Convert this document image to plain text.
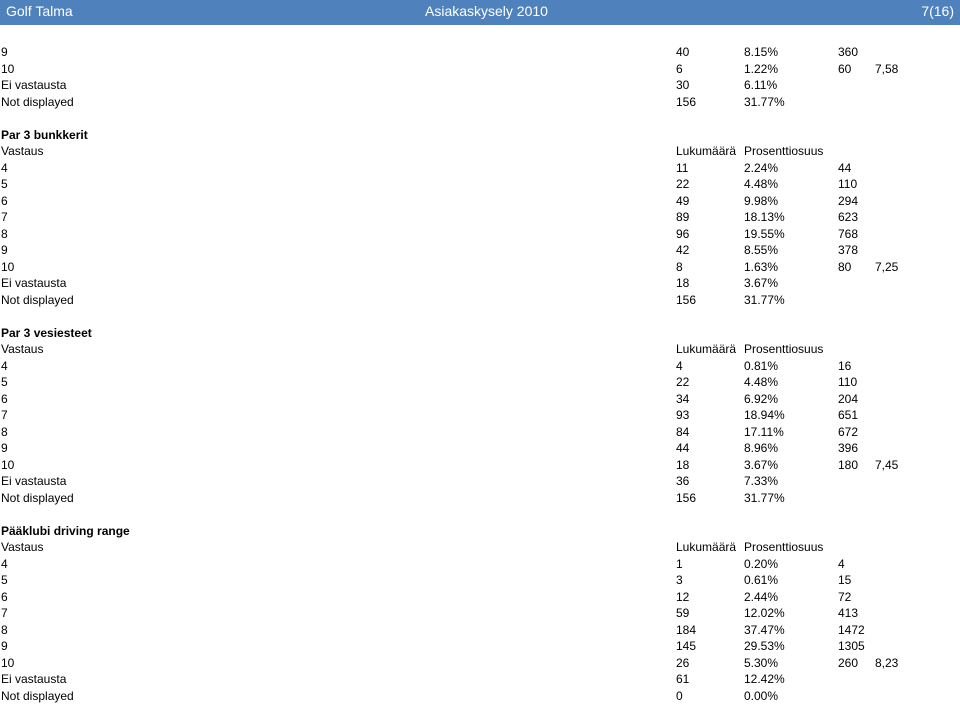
Golf Talma	Asiakaskysely 2010	7(16)
9	40	8.15%	360
10	6	1.22%	60 7,58
Ei vastausta	30	6.11%
Not displayed	156	31.77%
Par 3 bunkkerit
Vastaus	Lukumäärä Prosenttiosuus
4	11	2.24%	44
5	22	4.48%	110
6	49	9.98%	294
7	89	18.13%	623
8	96	19.55%	768
9	42	8.55%	378
10	8	1.63%	80 7,25
Ei vastausta	18	3.67%
Not displayed	156	31.77%
Par 3 vesiesteet
Vastaus	Lukumäärä Prosenttiosuus
4	4	0.81%	16
5	22	4.48%	110
6	34	6.92%	204
7	93	18.94%	651
8	84	17.11%	672
9	44	8.96%	396
10	18	3.67%	180 7,45
Ei vastausta	36	7.33%
Not displayed	156	31.77%
Pääklubi driving range
Vastaus	Lukumäärä Prosenttiosuus
4	1	0.20%	4
5	3	0.61%	15
6	12	2.44%	72
7	59	12.02%	413
8	184	37.47%	1472
9	145	29.53%	1305
10	26	5.30%	260 8,23
Ei vastausta	61	12.42%
Not displayed	0	0.00%
